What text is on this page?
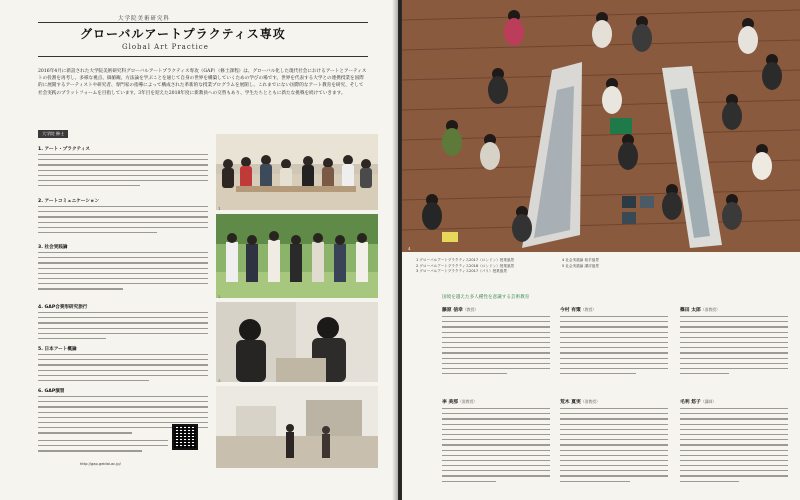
大学院美術研究科
グローバルアートプラクティス専攻
Global Art Practice
2016年4月に新設された大学院美術研究科グローバルアートプラクティス専攻（GAP）（修士課程）は、グローバル化した現代社会におけるアートとアーティストの役割を再考し、多様な視点、価値観、方法論を学ぶことを通じて自身の世界を構築していくための学びの場です。世界を代表する大学との連携授業を国際的に展開するアーティストや研究者、専門家の指導によって構成された革新的な授業プログラムを展開し、これまでにない国際的なアート教育を研究、そして社会実践のプラットフォームを目指しています。3年目を迎えた2018年度に新教員への交替もあり、学生たちとともに新たな挑戦を続けていきます。
大学院 修士
1. アート・プラクティス
2. アートコミュニケーション
3. 社会実践論
4. GAP合奏形研究旅行
5. 日本アート概論
6. GAP演習
http://gap.geidai.ac.jp/
1
2
3
4
1 グローバルアートプラクティス2017（ロンドン）授業風景
2 グローバルアートプラクティス2018（ロンドン）授業風景
3 グローバルアートプラクティス2017（パリ）授業風景
4 社会実践論 取手風景
5 社会実践論 講評風景
国境を越えた多人種性を意識する芸術教育
藤原 信幸（教授）	今村 有策（教授）	篠田 太郎（准教授）
李 美那（准教授）	荒木 夏実（准教授）	毛利 悠子（講師）
